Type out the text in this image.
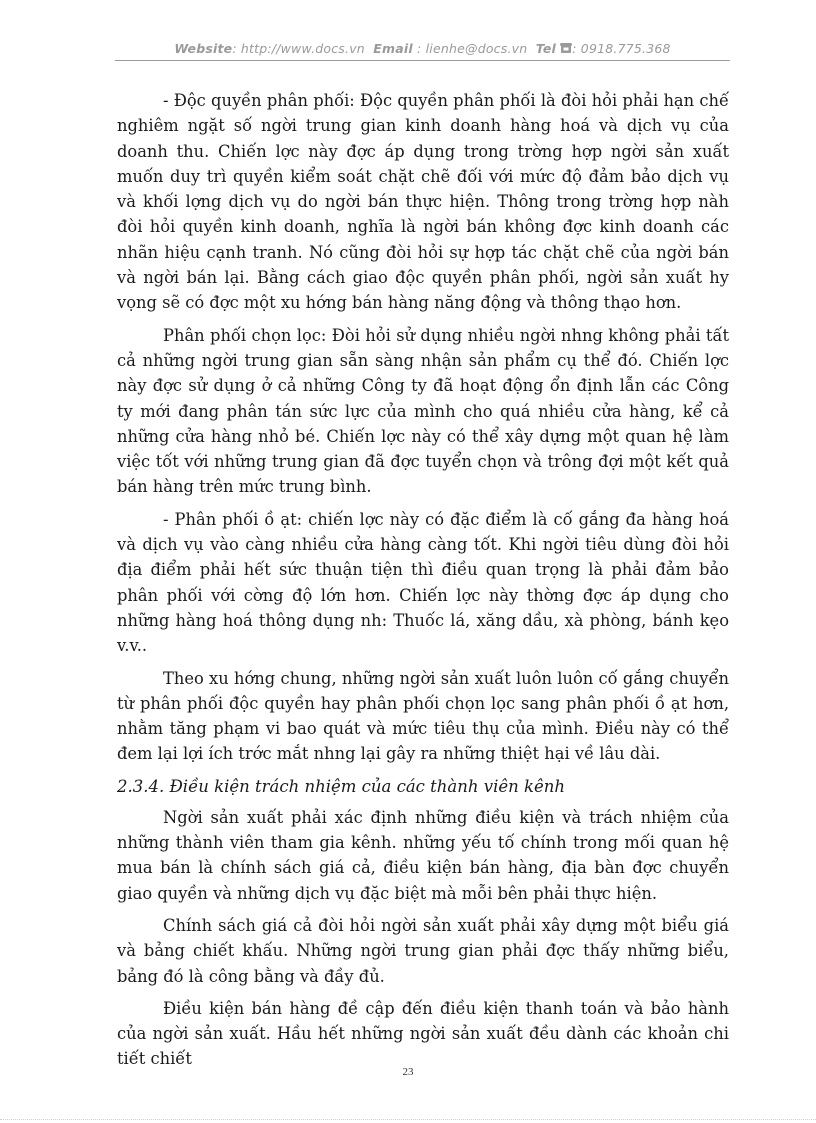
Website: http://www.docs.vn Email : lienhe@docs.vn Tel : 0918.775.368

- Độc quyền phân phối: Độc quyền phân phối là đòi hỏi phải hạn chế nghiêm ngặt số ngời trung gian kinh doanh hàng hoá và dịch vụ của doanh thu. Chiến lợc này đợc áp dụng trong trờng hợp ngời sản xuất muốn duy trì quyền kiểm soát chặt chẽ đối với mức độ đảm bảo dịch vụ và khối lợng dịch vụ do ngời bán thực hiện. Thông trong trờng hợp nàh đòi hỏi quyền kinh doanh, nghĩa là ngời bán không đợc kinh doanh các nhãn hiệu cạnh tranh. Nó cũng đòi hỏi sự hợp tác chặt chẽ của ngời bán và ngời bán lại. Bằng cách giao độc quyền phân phối, ngời sản xuất hy vọng sẽ có đợc một xu hớng bán hàng năng động và thông thạo hơn.

Phân phối chọn lọc: Đòi hỏi sử dụng nhiều ngời nhng không phải tất cả những ngời trung gian sẵn sàng nhận sản phẩm cụ thể đó. Chiến lợc này đợc sử dụng ở cả những Công ty đã hoạt động ổn định lẫn các Công ty mới đang phân tán sức lực của mình cho quá nhiều cửa hàng, kể cả những cửa hàng nhỏ bé. Chiến lợc này có thể xây dựng một quan hệ làm việc tốt với những trung gian đã đợc tuyển chọn và trông đợi một kết quả bán hàng trên mức trung bình.

- Phân phối ồ ạt: chiến lợc này có đặc điểm là cố gắng đa hàng hoá và dịch vụ vào càng nhiều cửa hàng càng tốt. Khi ngời tiêu dùng đòi hỏi địa điểm phải hết sức thuận tiện thì điều quan trọng là phải đảm bảo phân phối với cờng độ lớn hơn. Chiến lợc này thờng đợc áp dụng cho những hàng hoá thông dụng nh: Thuốc lá, xăng dầu, xà phòng, bánh kẹo v.v..

Theo xu hớng chung, những ngời sản xuất luôn luôn cố gắng chuyển từ phân phối độc quyền hay phân phối chọn lọc sang phân phối ồ ạt hơn, nhằm tăng phạm vi bao quát và mức tiêu thụ của mình. Điều này có thể đem lại lợi ích trớc mắt nhng lại gây ra những thiệt hại về lâu dài.

2.3.4. Điều kiện trách nhiệm của các thành viên kênh

Ngời sản xuất phải xác định những điều kiện và trách nhiệm của những thành viên tham gia kênh. những yếu tố chính trong mối quan hệ mua bán là chính sách giá cả, điều kiện bán hàng, địa bàn đợc chuyển giao quyền và những dịch vụ đặc biệt mà mỗi bên phải thực hiện.

Chính sách giá cả đòi hỏi ngời sản xuất phải xây dựng một biểu giá và bảng chiết khấu. Những ngời trung gian phải đợc thấy những biểu, bảng đó là công bằng và đầy đủ.

Điều kiện bán hàng đề cập đến điều kiện thanh toán và bảo hành của ngời sản xuất. Hầu hết những ngời sản xuất đều dành các khoản chi tiết chiết

23
